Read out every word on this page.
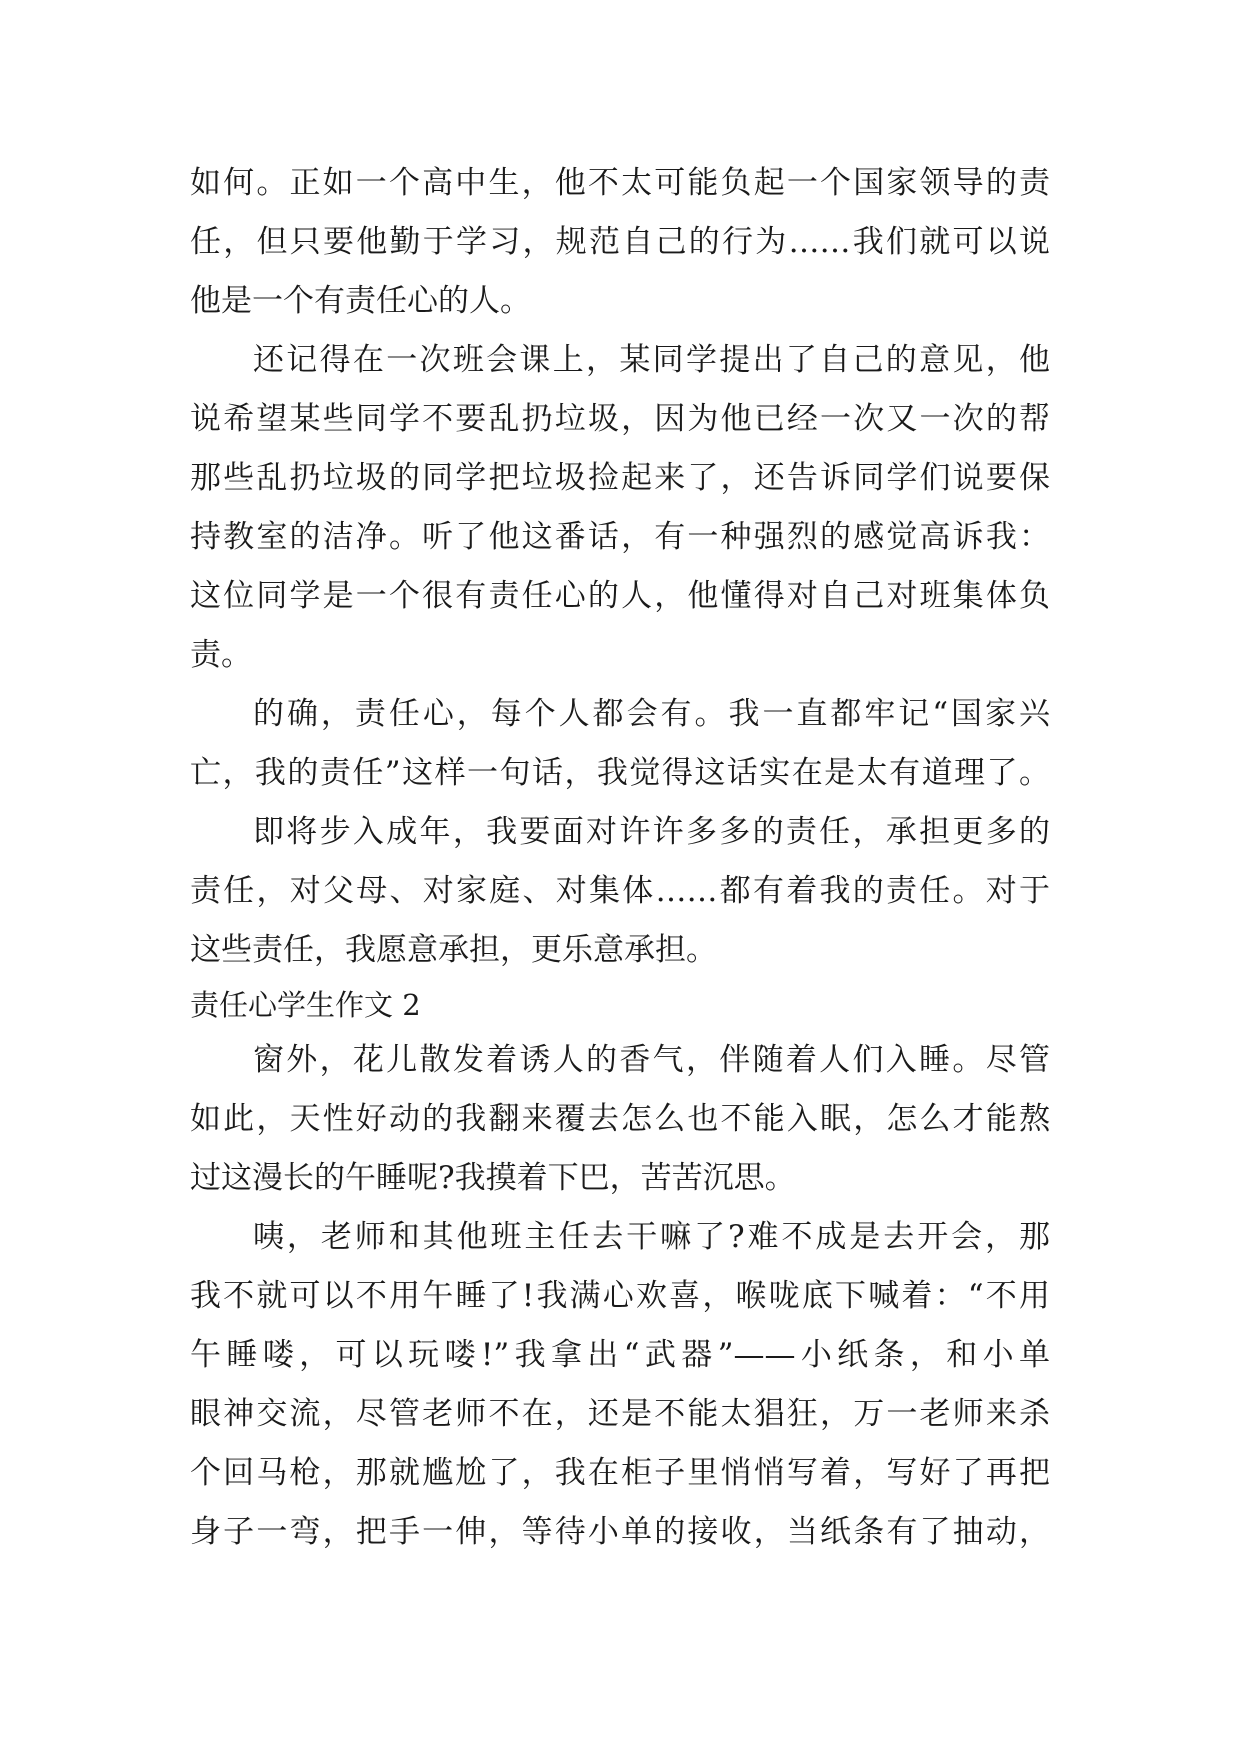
如何。正如一个高中生，他不太可能负起一个国家领导的责
任，但只要他勤于学习，规范自己的行为……我们就可以说
他是一个有责任心的人。
还记得在一次班会课上，某同学提出了自己的意见，他
说希望某些同学不要乱扔垃圾，因为他已经一次又一次的帮
那些乱扔垃圾的同学把垃圾捡起来了，还告诉同学们说要保
持教室的洁净。听了他这番话，有一种强烈的感觉高诉我：
这位同学是一个很有责任心的人，他懂得对自己对班集体负
责。
的确，责任心，每个人都会有。我一直都牢记“国家兴
亡，我的责任”这样一句话，我觉得这话实在是太有道理了。
即将步入成年，我要面对许许多多的责任，承担更多的
责任，对父母、对家庭、对集体……都有着我的责任。对于
这些责任，我愿意承担，更乐意承担。
责任心学生作文 2
窗外，花儿散发着诱人的香气，伴随着人们入睡。尽管
如此，天性好动的我翻来覆去怎么也不能入眠，怎么才能熬
过这漫长的午睡呢?我摸着下巴，苦苦沉思。
咦，老师和其他班主任去干嘛了?难不成是去开会，那
我不就可以不用午睡了!我满心欢喜，喉咙底下喊着：“不用
午睡喽，可以玩喽!”我拿出“武器”——小纸条，和小单
眼神交流，尽管老师不在，还是不能太猖狂，万一老师来杀
个回马枪，那就尴尬了，我在柜子里悄悄写着，写好了再把
身子一弯，把手一伸，等待小单的接收，当纸条有了抽动，
